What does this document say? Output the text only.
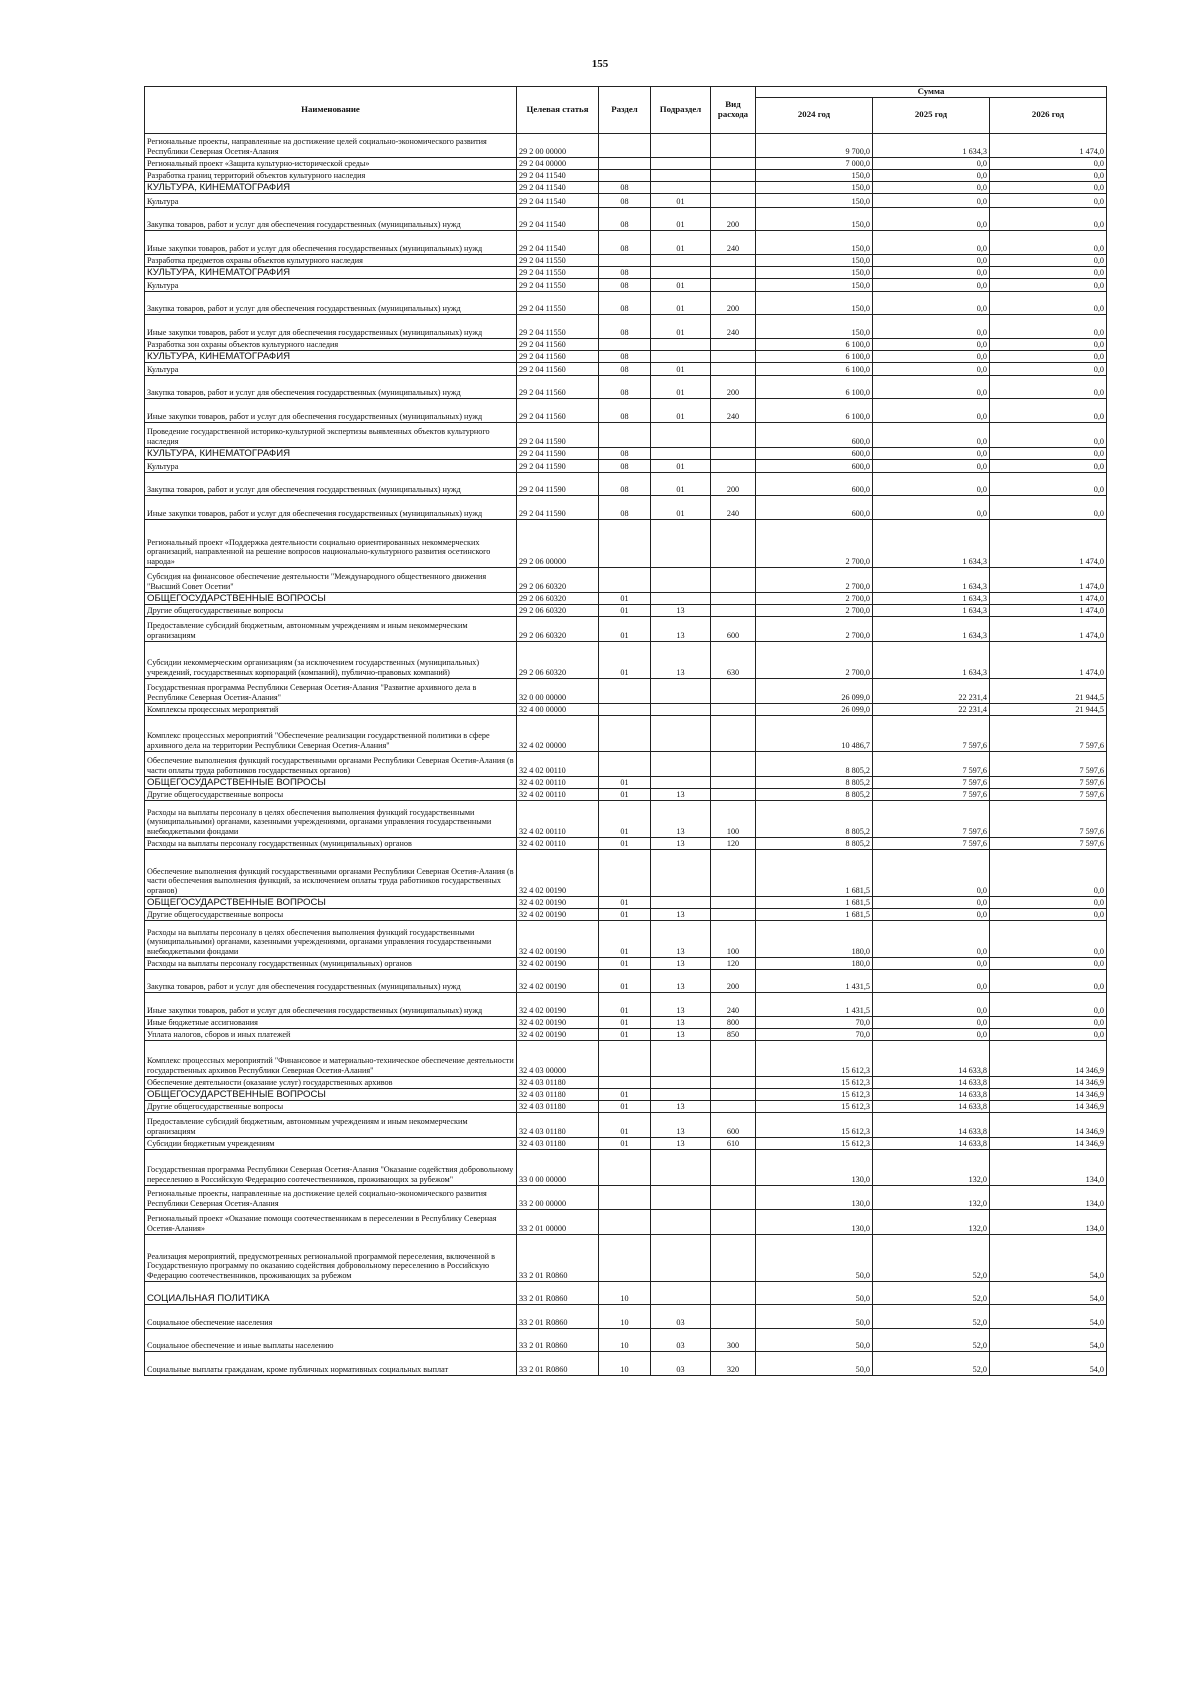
155
Наименование	Целевая статья	Раздел	Подраздел	Вид расхода	Сумма		
					2024 год	2025 год	2026 год
Региональные проекты, направленные на достижение целей социально-экономического развития Республики Северная Осетия-Алания	29 2 00 00000				9 700,0	1 634,3	1 474,0
Региональный проект «Защита культурно-исторической среды»	29 2 04 00000				7 000,0	0,0	0,0
Разработка границ территорий объектов культурного наследия	29 2 04 11540				150,0	0,0	0,0
КУЛЬТУРА, КИНЕМАТОГРАФИЯ	29 2 04 11540	08			150,0	0,0	0,0
Культура	29 2 04 11540	08	01		150,0	0,0	0,0
Закупка товаров, работ и услуг для обеспечения государственных (муниципальных) нужд	29 2 04 11540	08	01	200	150,0	0,0	0,0
Иные закупки товаров, работ и услуг для обеспечения государственных (муниципальных) нужд	29 2 04 11540	08	01	240	150,0	0,0	0,0
Разработка предметов охраны объектов культурного наследия	29 2 04 11550				150,0	0,0	0,0
КУЛЬТУРА, КИНЕМАТОГРАФИЯ	29 2 04 11550	08			150,0	0,0	0,0
Культура	29 2 04 11550	08	01		150,0	0,0	0,0
Закупка товаров, работ и услуг для обеспечения государственных (муниципальных) нужд	29 2 04 11550	08	01	200	150,0	0,0	0,0
Иные закупки товаров, работ и услуг для обеспечения государственных (муниципальных) нужд	29 2 04 11550	08	01	240	150,0	0,0	0,0
Разработка зон охраны объектов культурного наследия	29 2 04 11560				6 100,0	0,0	0,0
КУЛЬТУРА, КИНЕМАТОГРАФИЯ	29 2 04 11560	08			6 100,0	0,0	0,0
Культура	29 2 04 11560	08	01		6 100,0	0,0	0,0
Закупка товаров, работ и услуг для обеспечения государственных (муниципальных) нужд	29 2 04 11560	08	01	200	6 100,0	0,0	0,0
Иные закупки товаров, работ и услуг для обеспечения государственных (муниципальных) нужд	29 2 04 11560	08	01	240	6 100,0	0,0	0,0
Проведение государственной историко-культурной экспертизы выявленных объектов культурного наследия	29 2 04 11590				600,0	0,0	0,0
КУЛЬТУРА, КИНЕМАТОГРАФИЯ	29 2 04 11590	08			600,0	0,0	0,0
Культура	29 2 04 11590	08	01		600,0	0,0	0,0
Закупка товаров, работ и услуг для обеспечения государственных (муниципальных) нужд	29 2 04 11590	08	01	200	600,0	0,0	0,0
Иные закупки товаров, работ и услуг для обеспечения государственных (муниципальных) нужд	29 2 04 11590	08	01	240	600,0	0,0	0,0
Региональный проект «Поддержка деятельности социально ориентированных некоммерческих организаций, направленной на решение вопросов национально-культурного развития осетинского народа»	29 2 06 00000				2 700,0	1 634,3	1 474,0
Субсидия на финансовое обеспечение деятельности "Международного общественного движения "Высший Совет Осетии"	29 2 06 60320				2 700,0	1 634,3	1 474,0
ОБЩЕГОСУДАРСТВЕННЫЕ ВОПРОСЫ	29 2 06 60320	01			2 700,0	1 634,3	1 474,0
Другие общегосударственные вопросы	29 2 06 60320	01	13		2 700,0	1 634,3	1 474,0
Предоставление субсидий бюджетным, автономным учреждениям и иным некоммерческим организациям	29 2 06 60320	01	13	600	2 700,0	1 634,3	1 474,0
Субсидии некоммерческим организациям (за исключением государственных (муниципальных) учреждений, государственных корпораций (компаний), публично-правовых компаний)	29 2 06 60320	01	13	630	2 700,0	1 634,3	1 474,0
Государственная программа Республики Северная Осетия-Алания "Развитие архивного дела в Республике Северная Осетия-Алания"	32 0 00 00000				26 099,0	22 231,4	21 944,5
Комплексы процессных мероприятий	32 4 00 00000				26 099,0	22 231,4	21 944,5
Комплекс процессных мероприятий "Обеспечение реализации государственной политики в сфере архивного дела на территории Республики Северная Осетия-Алания"	32 4 02 00000				10 486,7	7 597,6	7 597,6
Обеспечение выполнения функций государственными органами Республики Северная Осетия-Алания (в части оплаты труда работников государственных органов)	32 4 02 00110				8 805,2	7 597,6	7 597,6
ОБЩЕГОСУДАРСТВЕННЫЕ ВОПРОСЫ	32 4 02 00110	01			8 805,2	7 597,6	7 597,6
Другие общегосударственные вопросы	32 4 02 00110	01	13		8 805,2	7 597,6	7 597,6
Расходы на выплаты персоналу в целях обеспечения выполнения функций государственными (муниципальными) органами, казенными учреждениями, органами управления государственными внебюджетными фондами	32 4 02 00110	01	13	100	8 805,2	7 597,6	7 597,6
Расходы на выплаты персоналу государственных (муниципальных) органов	32 4 02 00110	01	13	120	8 805,2	7 597,6	7 597,6
Обеспечение выполнения функций государственными органами Республики Северная Осетия-Алания (в части обеспечения выполнения функций, за исключением оплаты труда работников государственных органов)	32 4 02 00190				1 681,5	0,0	0,0
ОБЩЕГОСУДАРСТВЕННЫЕ ВОПРОСЫ	32 4 02 00190	01			1 681,5	0,0	0,0
Другие общегосударственные вопросы	32 4 02 00190	01	13		1 681,5	0,0	0,0
Расходы на выплаты персоналу в целях обеспечения выполнения функций государственными (муниципальными) органами, казенными учреждениями, органами управления государственными внебюджетными фондами	32 4 02 00190	01	13	100	180,0	0,0	0,0
Расходы на выплаты персоналу государственных (муниципальных) органов	32 4 02 00190	01	13	120	180,0	0,0	0,0
Закупка товаров, работ и услуг для обеспечения государственных (муниципальных) нужд	32 4 02 00190	01	13	200	1 431,5	0,0	0,0
Иные закупки товаров, работ и услуг для обеспечения государственных (муниципальных) нужд	32 4 02 00190	01	13	240	1 431,5	0,0	0,0
Иные бюджетные ассигнования	32 4 02 00190	01	13	800	70,0	0,0	0,0
Уплата налогов, сборов и иных платежей	32 4 02 00190	01	13	850	70,0	0,0	0,0
Комплекс процессных мероприятий "Финансовое и материально-техническое обеспечение деятельности государственных архивов Республики Северная Осетия-Алания"	32 4 03 00000				15 612,3	14 633,8	14 346,9
Обеспечение деятельности (оказание услуг) государственных архивов	32 4 03 01180				15 612,3	14 633,8	14 346,9
ОБЩЕГОСУДАРСТВЕННЫЕ ВОПРОСЫ	32 4 03 01180	01			15 612,3	14 633,8	14 346,9
Другие общегосударственные вопросы	32 4 03 01180	01	13		15 612,3	14 633,8	14 346,9
Предоставление субсидий бюджетным, автономным учреждениям и иным некоммерческим организациям	32 4 03 01180	01	13	600	15 612,3	14 633,8	14 346,9
Субсидии бюджетным учреждениям	32 4 03 01180	01	13	610	15 612,3	14 633,8	14 346,9
Государственная программа Республики Северная Осетия-Алания "Оказание содействия добровольному переселению в Российскую Федерацию соотечественников, проживающих за рубежом"	33 0 00 00000				130,0	132,0	134,0
Региональные проекты, направленные на достижение целей социально-экономического развития Республики Северная Осетия-Алания	33 2 00 00000				130,0	132,0	134,0
Региональный проект «Оказание помощи соотечественникам в переселении в Республику Северная Осетия-Алания»	33 2 01 00000				130,0	132,0	134,0
Реализация мероприятий, предусмотренных региональной программой переселения, включенной в Государственную программу по оказанию содействия добровольному переселению в Российскую Федерацию соотечественников, проживающих за рубежом	33 2 01 R0860				50,0	52,0	54,0
СОЦИАЛЬНАЯ ПОЛИТИКА	33 2 01 R0860	10			50,0	52,0	54,0
Социальное обеспечение населения	33 2 01 R0860	10	03		50,0	52,0	54,0
Социальное обеспечение и иные выплаты населению	33 2 01 R0860	10	03	300	50,0	52,0	54,0
Социальные выплаты гражданам, кроме публичных нормативных социальных выплат	33 2 01 R0860	10	03	320	50,0	52,0	54,0
